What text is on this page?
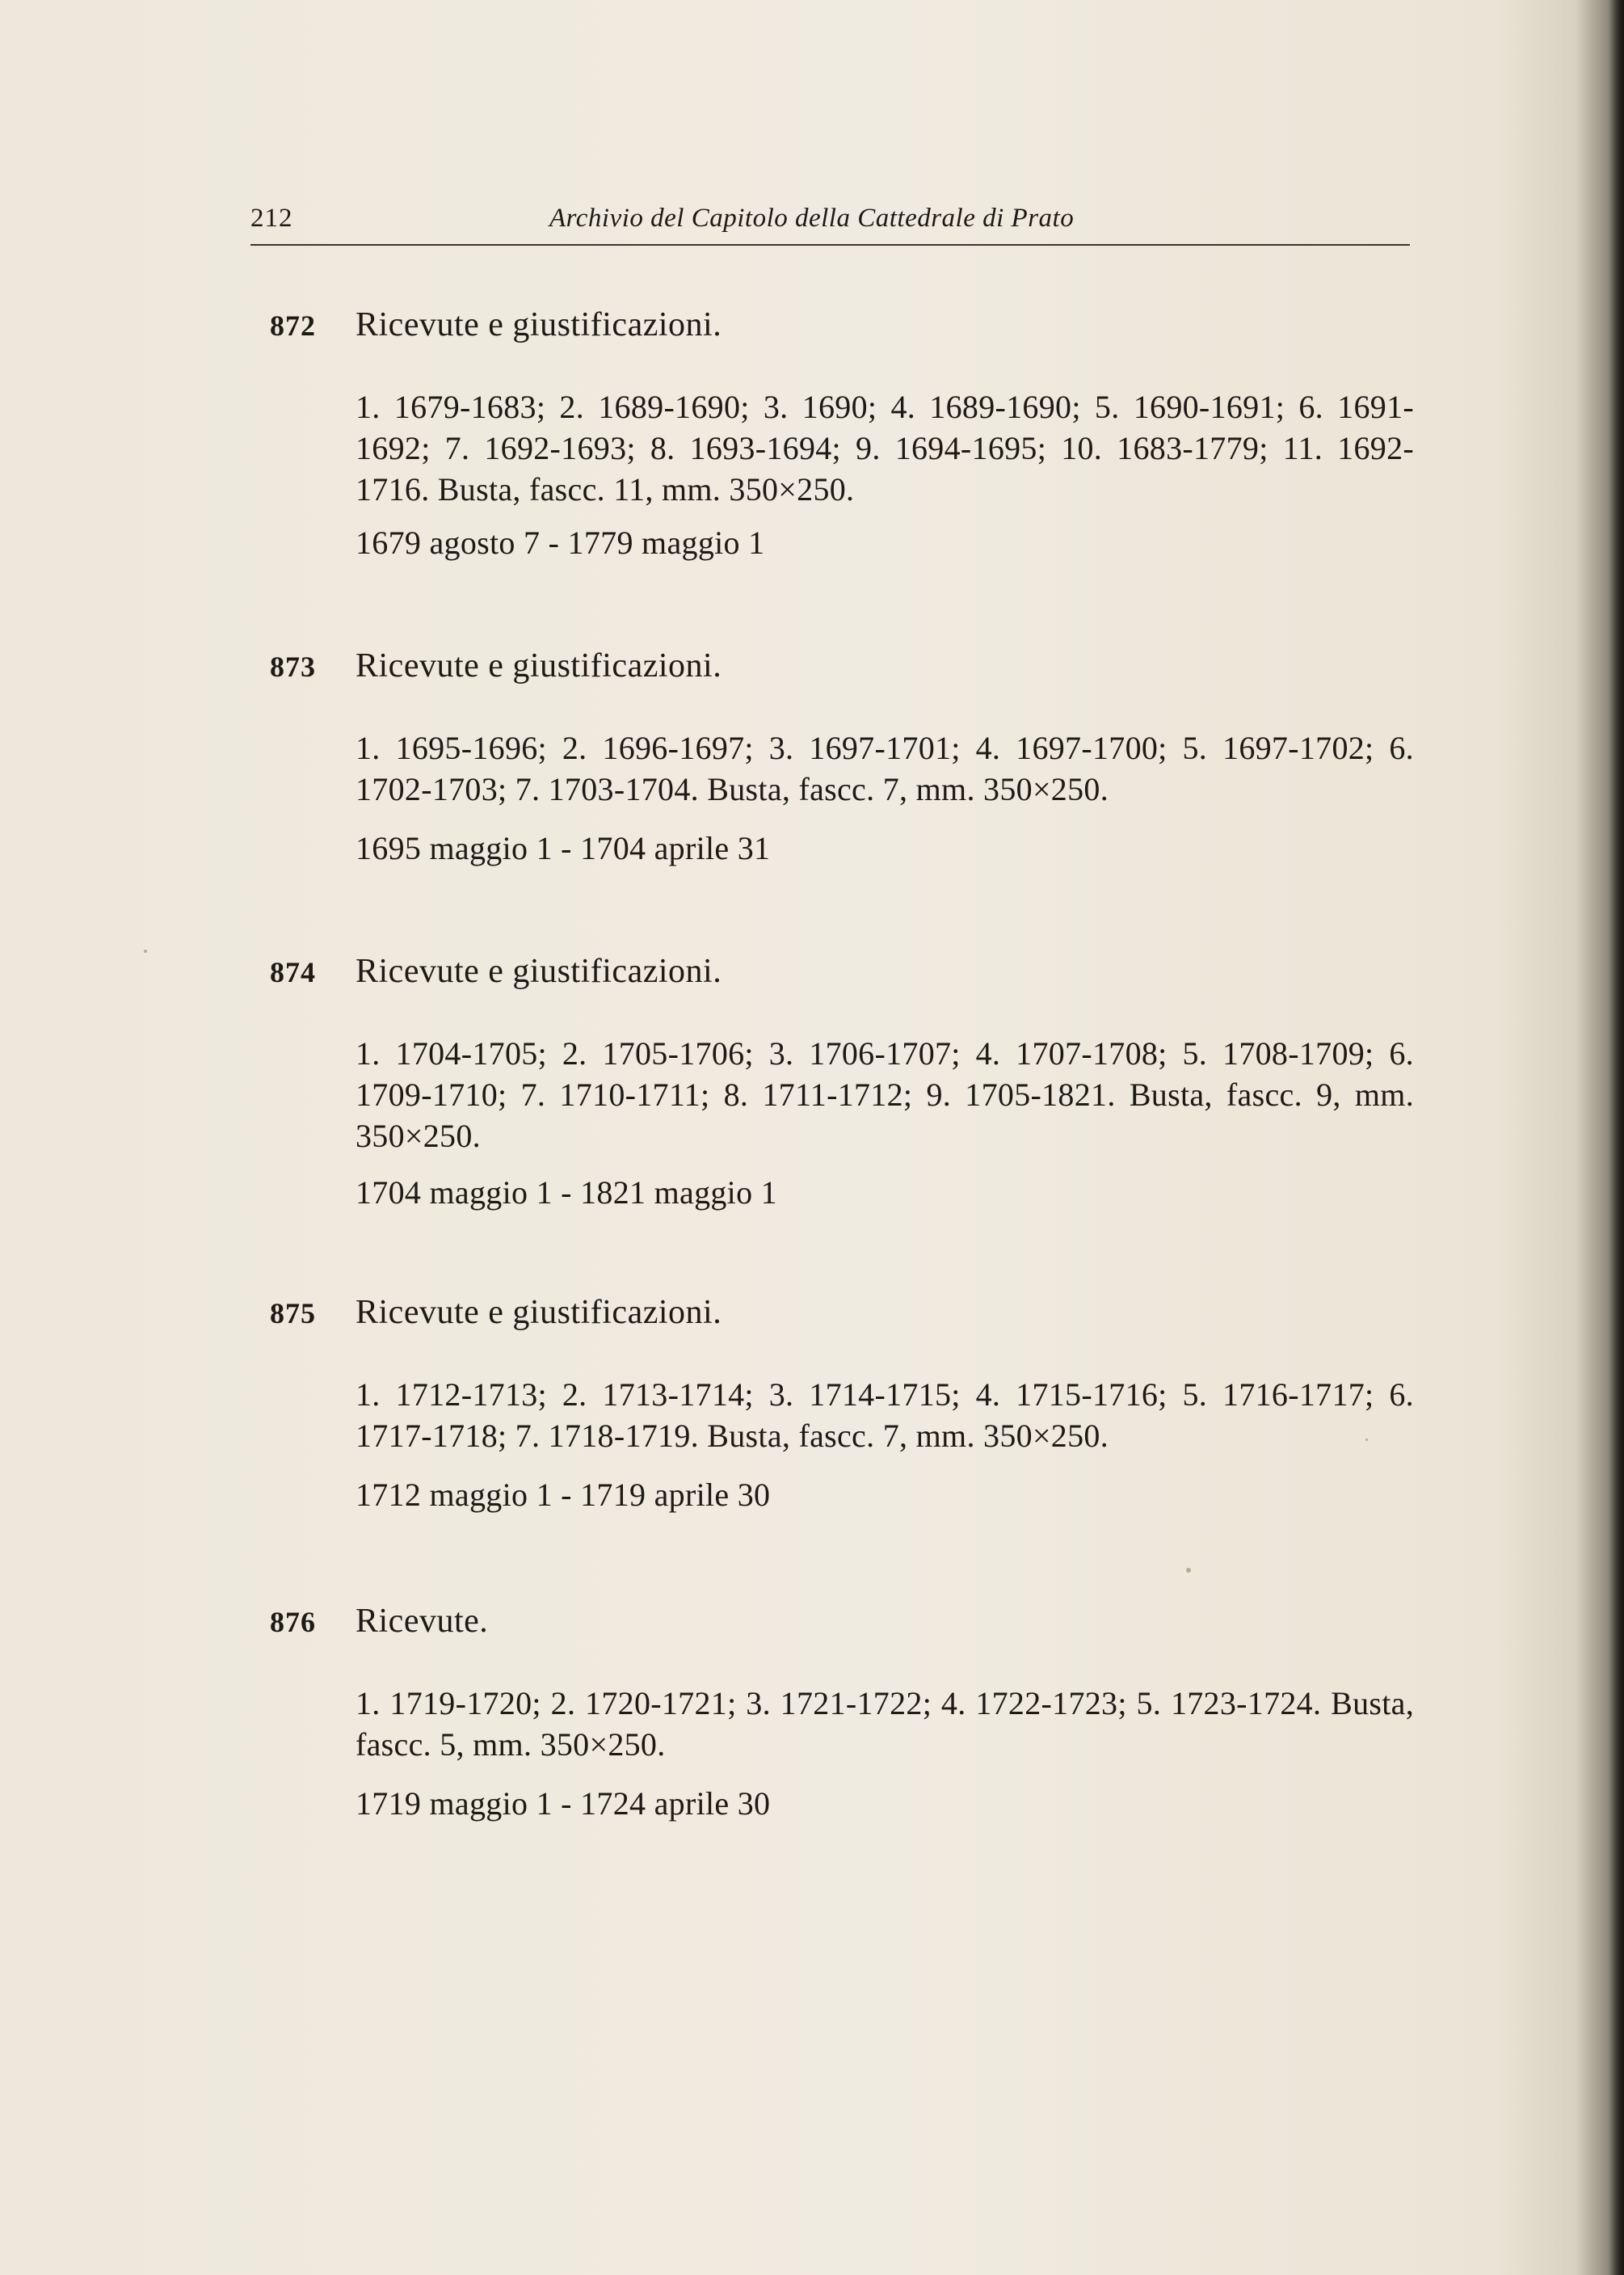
212	Archivio del Capitolo della Cattedrale di Prato
872 Ricevute e giustificazioni.
1. 1679-1683; 2. 1689-1690; 3. 1690; 4. 1689-1690; 5. 1690-1691; 6. 1691-1692; 7. 1692-1693; 8. 1693-1694; 9. 1694-1695; 10. 1683-1779; 11. 1692-1716. Busta, fascc. 11, mm. 350×250.
1679 agosto 7 - 1779 maggio 1
873 Ricevute e giustificazioni.
1. 1695-1696; 2. 1696-1697; 3. 1697-1701; 4. 1697-1700; 5. 1697-1702; 6. 1702-1703; 7. 1703-1704. Busta, fascc. 7, mm. 350×250.
1695 maggio 1 - 1704 aprile 31
874 Ricevute e giustificazioni.
1. 1704-1705; 2. 1705-1706; 3. 1706-1707; 4. 1707-1708; 5. 1708-1709; 6. 1709-1710; 7. 1710-1711; 8. 1711-1712; 9. 1705-1821. Busta, fascc. 9, mm. 350×250.
1704 maggio 1 - 1821 maggio 1
875 Ricevute e giustificazioni.
1. 1712-1713; 2. 1713-1714; 3. 1714-1715; 4. 1715-1716; 5. 1716-1717; 6. 1717-1718; 7. 1718-1719. Busta, fascc. 7, mm. 350×250.
1712 maggio 1 - 1719 aprile 30
876 Ricevute.
1. 1719-1720; 2. 1720-1721; 3. 1721-1722; 4. 1722-1723; 5. 1723-1724. Busta, fascc. 5, mm. 350×250.
1719 maggio 1 - 1724 aprile 30
